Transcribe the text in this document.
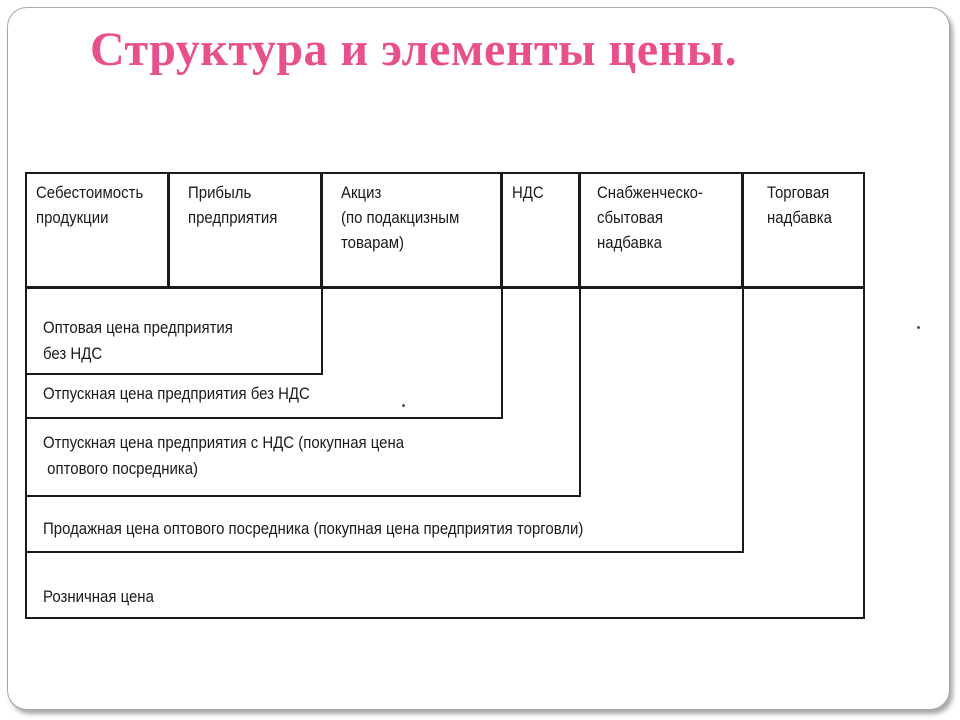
Структура и элементы цены.
Себестоимость
продукции
Прибыль
предприятия
Акциз
(по подакцизным
товарам)
НДС	Снабженческо-
сбытовая
надбавка
Торговая
надбавка
Оптовая цена предприятия
без НДС
Отпускная цена предприятия без НДС
Отпускная цена предприятия с НДС (покупная цена
оптового посредника)
Продажная цена оптового посредника (покупная цена предприятия торговли)
Розничная цена
